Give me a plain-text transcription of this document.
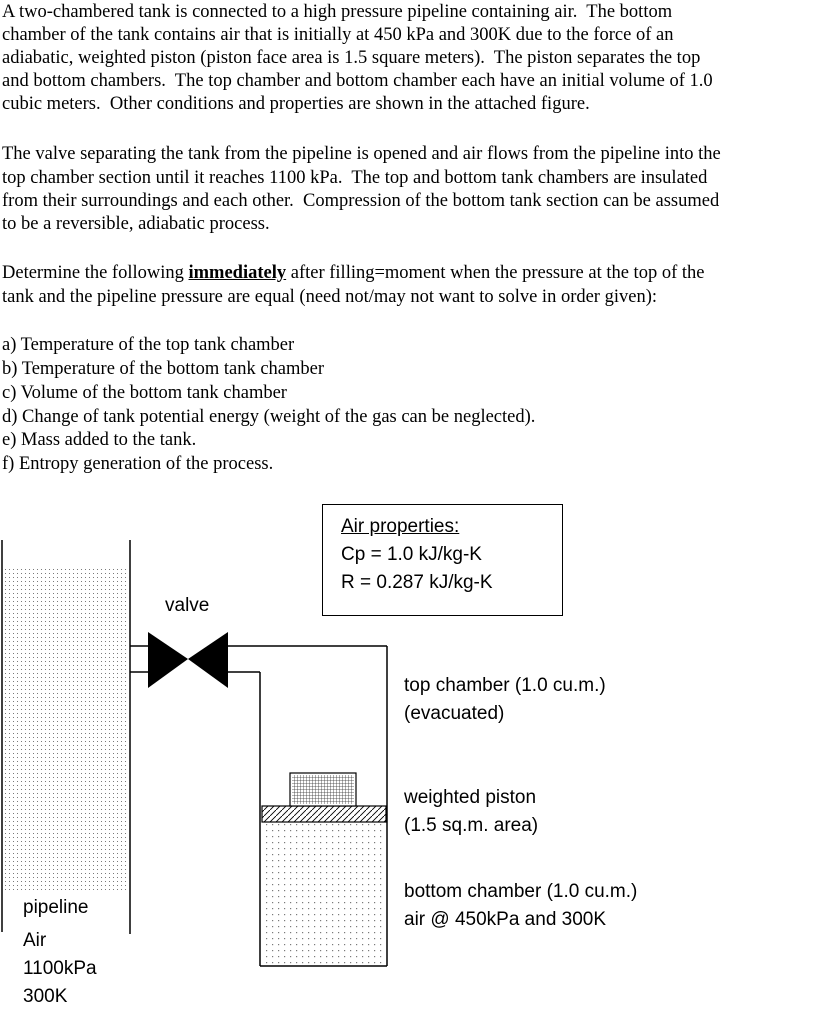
A two-chambered tank is connected to a high pressure pipeline containing air.  The bottom

chamber of the tank contains air that is initially at 450 kPa and 300K due to the force of an

adiabatic, weighted piston (piston face area is 1.5 square meters).  The piston separates the top

and bottom chambers.  The top chamber and bottom chamber each have an initial volume of 1.0

cubic meters.  Other conditions and properties are shown in the attached figure.

The valve separating the tank from the pipeline is opened and air flows from the pipeline into the

top chamber section until it reaches 1100 kPa.  The top and bottom tank chambers are insulated

from their surroundings and each other.  Compression of the bottom tank section can be assumed

to be a reversible, adiabatic process.

Determine the following immediately after filling=moment when the pressure at the top of the

tank and the pipeline pressure are equal (need not/may not want to solve in order given):

a) Temperature of the top tank chamber

b) Temperature of the bottom tank chamber

c) Volume of the bottom tank chamber

d) Change of tank potential energy (weight of the gas can be neglected).

e) Mass added to the tank.

f) Entropy generation of the process.

Air properties:
Cp = 1.0 kJ/kg-K
R = 0.287 kJ/kg-K
valve
top chamber (1.0 cu.m.)
(evacuated)
weighted piston
(1.5 sq.m. area)
bottom chamber (1.0 cu.m.)
air @ 450kPa and 300K
pipeline
Air
1100kPa
300K
